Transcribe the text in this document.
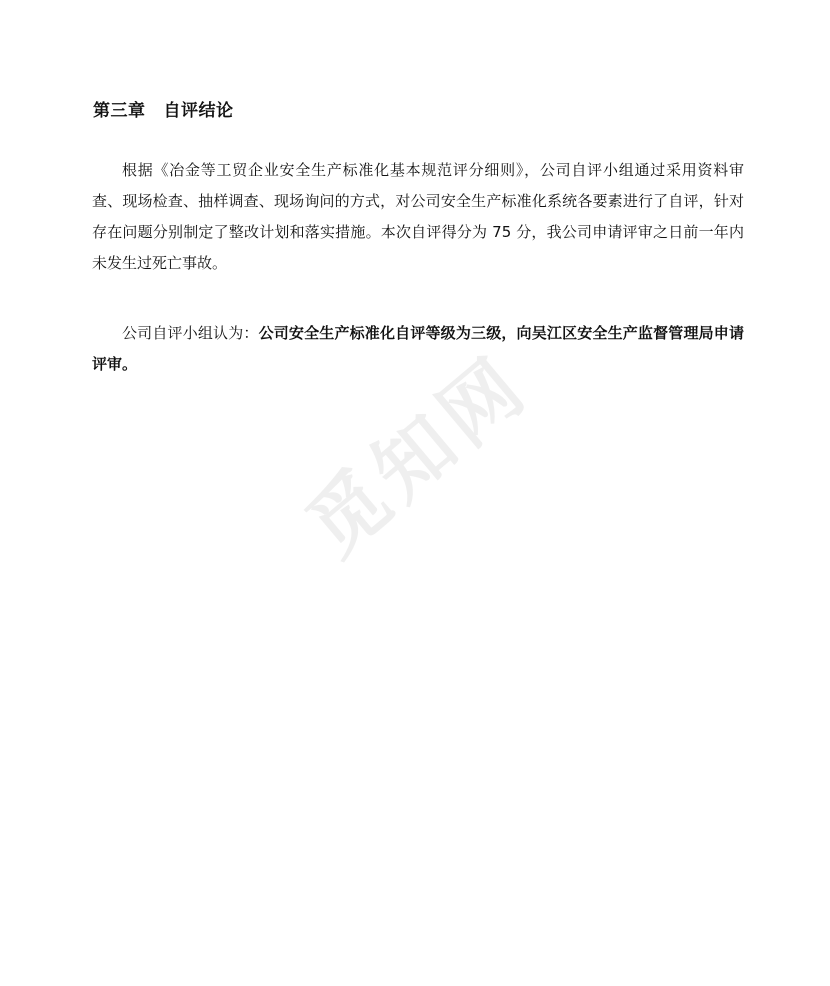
第三章 自评结论

根据《冶金等工贸企业安全生产标准化基本规范评分细则》，公司自评小组通过采用资料审查、现场检查、抽样调查、现场询问的方式，对公司安全生产标准化系统各要素进行了自评，针对存在问题分别制定了整改计划和落实措施。本次自评得分为 75 分，我公司申请评审之日前一年内未发生过死亡事故。

公司自评小组认为：公司安全生产标准化自评等级为三级，向吴江区安全生产监督管理局申请评审。	觅知网
